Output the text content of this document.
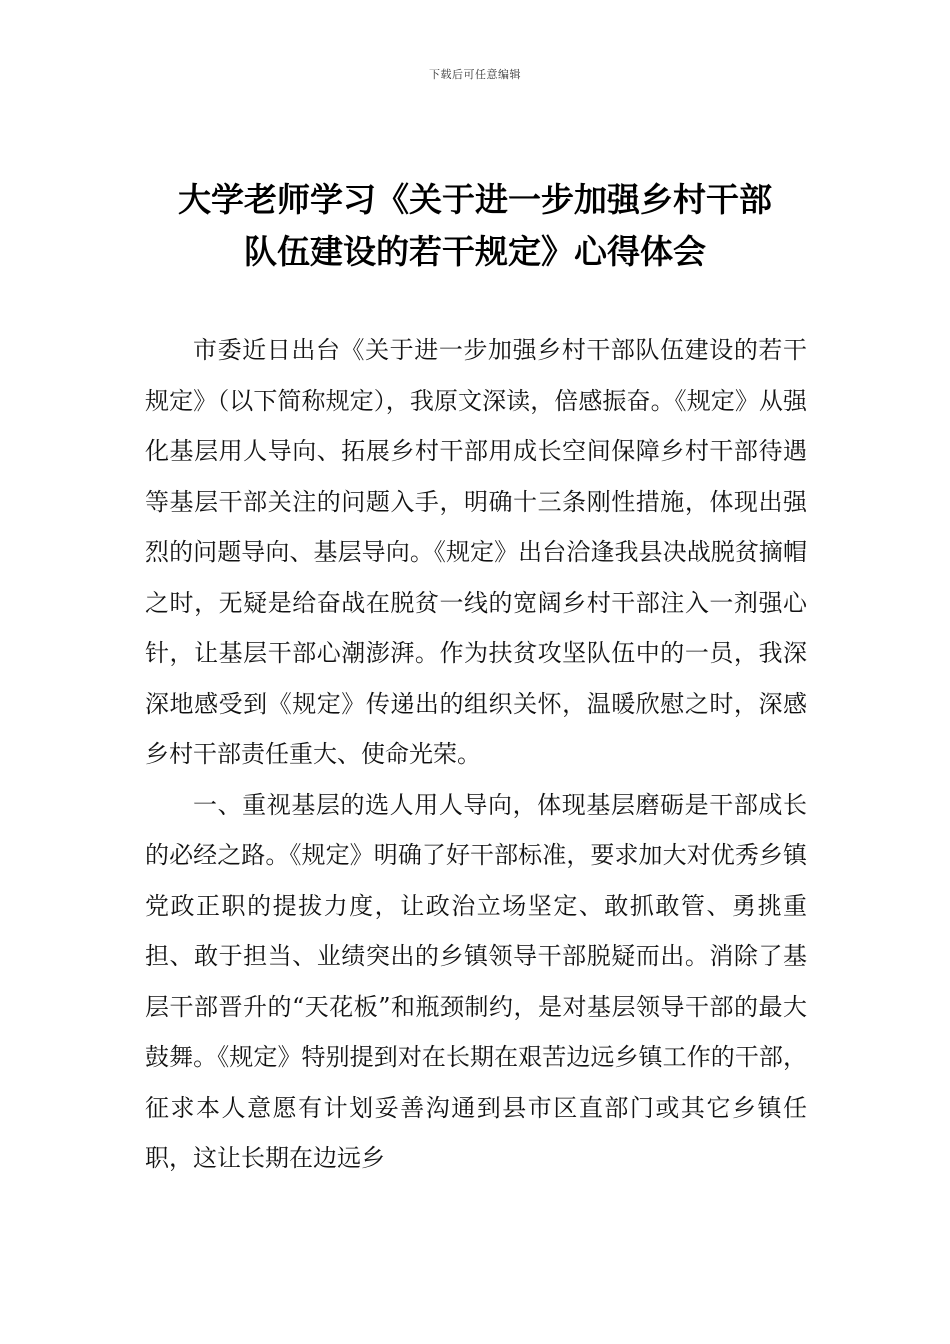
下载后可任意编辑
大学老师学习《关于进一步加强乡村干部
队伍建设的若干规定》心得体会

市委近日出台《关于进一步加强乡村干部队伍建设的若干规定》（以下简称规定），我原文深读，倍感振奋。《规定》从强化基层用人导向、拓展乡村干部用成长空间保障乡村干部待遇等基层干部关注的问题入手，明确十三条刚性措施，体现出强烈的问题导向、基层导向。《规定》出台洽逢我县决战脱贫摘帽之时，无疑是给奋战在脱贫一线的宽阔乡村干部注入一剂强心针，让基层干部心潮澎湃。作为扶贫攻坚队伍中的一员，我深深地感受到《规定》传递出的组织关怀，温暖欣慰之时，深感乡村干部责任重大、使命光荣。

一、重视基层的选人用人导向，体现基层磨砺是干部成长的必经之路。《规定》明确了好干部标准，要求加大对优秀乡镇党政正职的提拔力度，让政治立场坚定、敢抓敢管、勇挑重担、敢于担当、业绩突出的乡镇领导干部脱疑而出。消除了基层干部晋升的“天花板”和瓶颈制约，是对基层领导干部的最大鼓舞。《规定》特别提到对在长期在艰苦边远乡镇工作的干部，征求本人意愿有计划妥善沟通到县市区直部门或其它乡镇任职，这让长期在边远乡
